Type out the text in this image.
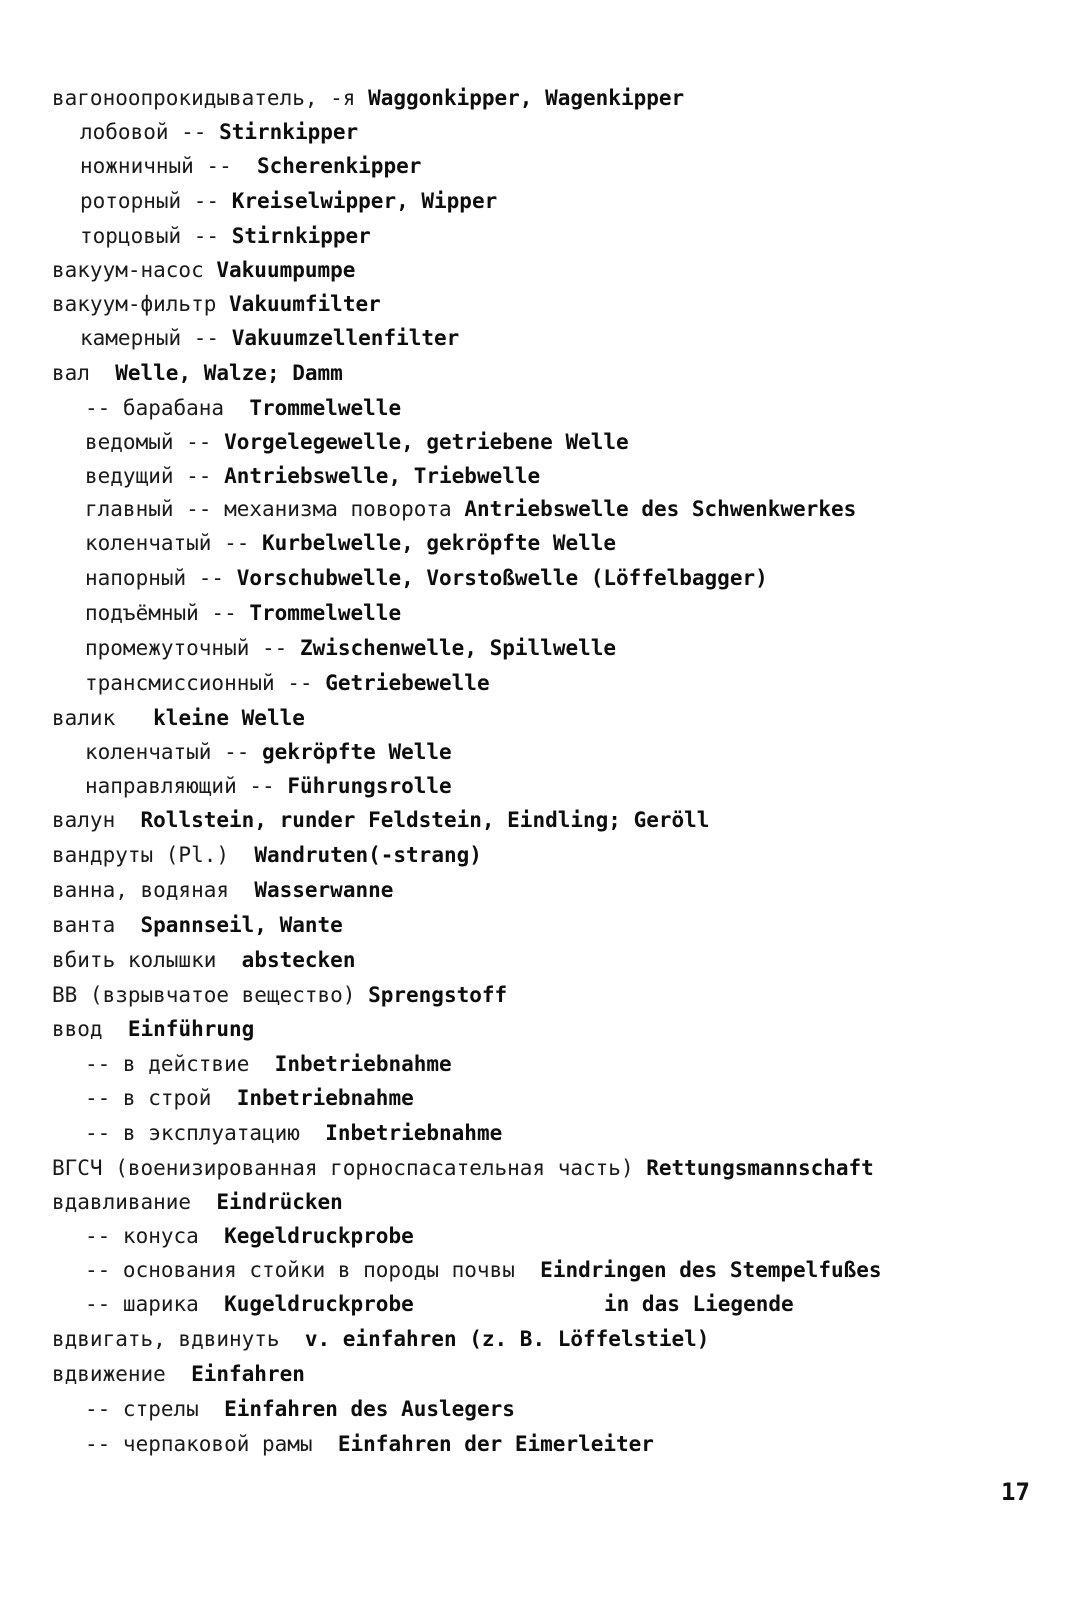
вагоноопрокидыватель, -я Waggonkipper, Wagenkipper
лобовой -- Stirnkipper
ножничный -- Scherenkipper
роторный -- Kreiselwipper, Wipper
торцовый -- Stirnkipper
вакуум-насос Vakuumpumpe
вакуум-фильтр Vakuumfilter
камерный -- Vakuumzellenfilter
вал Welle, Walze; Damm
-- барабана Trommelwelle
ведомый -- Vorgelegewelle, getriebene Welle
ведущий -- Antriebswelle, Triebwelle
главный -- механизма поворота Antriebswelle des Schwenkwerkes
коленчатый -- Kurbelwelle, gekröpfte Welle
напорный -- Vorschubwelle, Vorstoßwelle (Löffelbagger)
подъёмный -- Trommelwelle
промежуточный -- Zwischenwelle, Spillwelle
трансмиссионный -- Getriebewelle
валик kleine Welle
коленчатый -- gekröpfte Welle
направляющий -- Führungsrolle
валун Rollstein, runder Feldstein, Eindling; Geröll
вандруты (Pl.) Wandruten(-strang)
ванна, водяная Wasserwanne
ванта Spannseil, Wante
вбить колышки abstecken
ВВ (взрывчатое вещество) Sprengstoff
ввод Einführung
-- в действие Inbetriebnahme
-- в строй Inbetriebnahme
-- в эксплуатацию Inbetriebnahme
ВГСЧ (военизированная горноспасательная часть) Rettungsmannschaft
вдавливание Eindrücken
-- конуса Kegeldruckprobe
-- основания стойки в породы почвы Eindringen des Stempelfußes
-- шарика Kugeldruckprobe	in das Liegende
вдвигать, вдвинуть v. einfahren (z. B. Löffelstiel)
вдвижение Einfahren
-- стрелы Einfahren des Auslegers
-- черпаковой рамы Einfahren der Eimerleiter
17
